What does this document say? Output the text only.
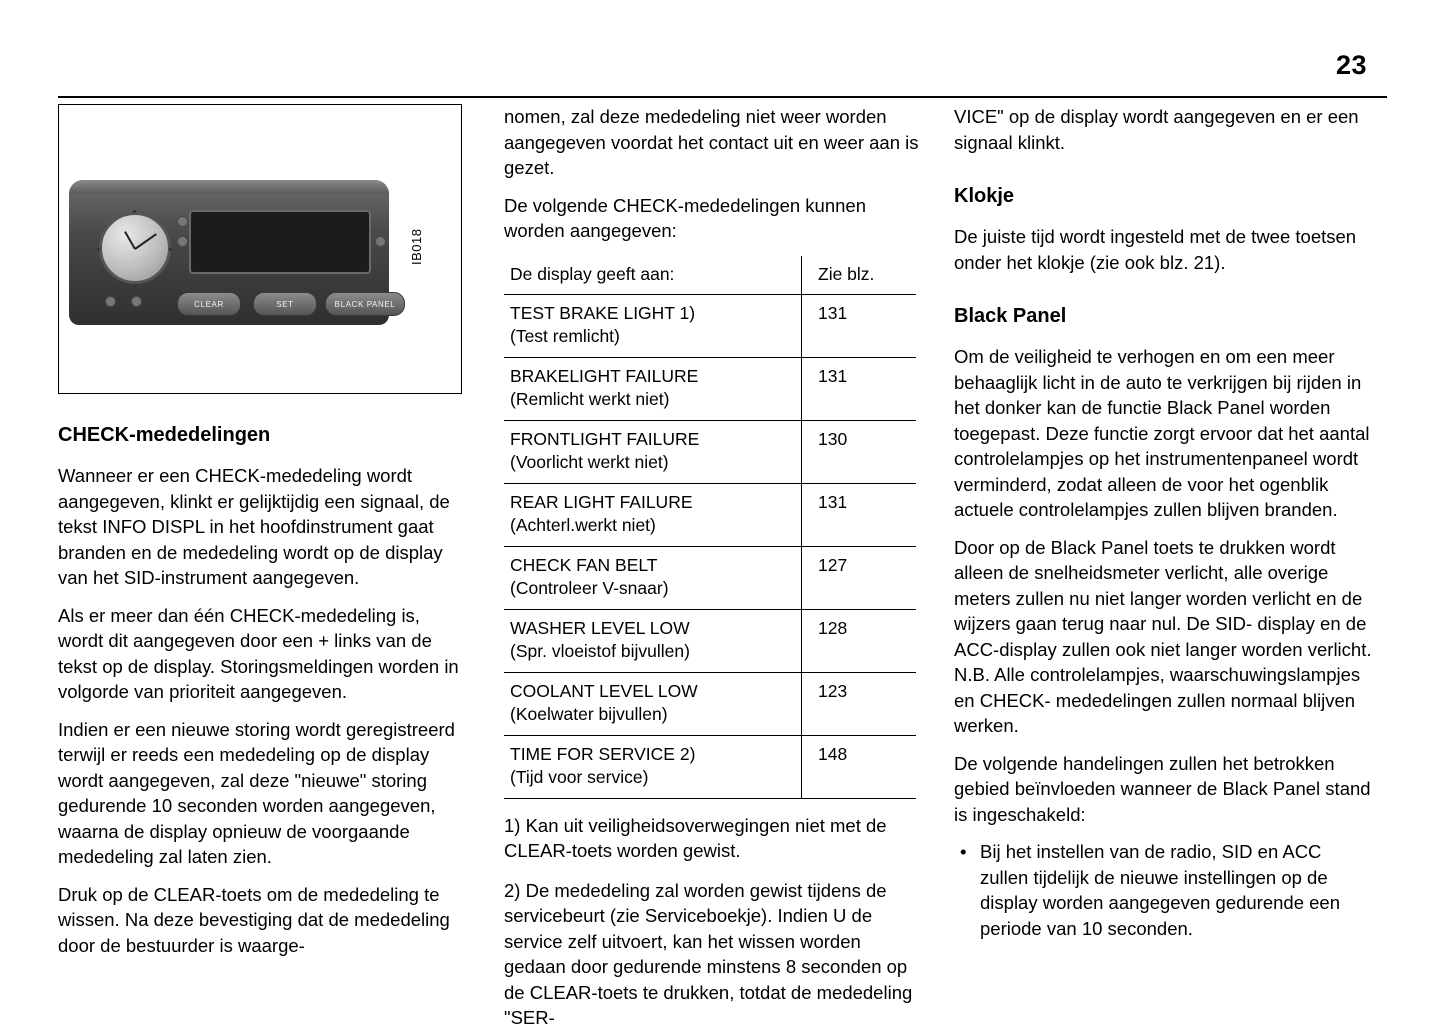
23
CLEAR	SET	BLACK PANEL
IB018
CHECK-mededelingen

Wanneer er een CHECK-mededeling wordt aangegeven, klinkt er gelijktijdig een signaal, de tekst INFO DISPL in het hoofdinstrument gaat branden en de mededeling wordt op de display van het SID-instrument aangegeven.

Als er meer dan één CHECK-mededeling is, wordt dit aangegeven door een + links van de tekst op de display. Storingsmeldingen worden in volgorde van prioriteit aangegeven.

Indien er een nieuwe storing wordt geregistreerd terwijl er reeds een mededeling op de display wordt aangegeven, zal deze "nieuwe" storing gedurende 10 seconden worden aangegeven, waarna de display opnieuw de voorgaande mededeling zal laten zien.

Druk op de CLEAR-toets om de mededeling te wissen. Na deze bevestiging dat de mededeling door de bestuurder is waarge-

nomen, zal deze mededeling niet weer worden aangegeven voordat het contact uit en weer aan is gezet.

De volgende CHECK-mededelingen kunnen worden aangegeven:

De display geeft aan:	Zie blz.
TEST BRAKE LIGHT 1)
(Test remlicht)	131
BRAKELIGHT FAILURE
(Remlicht werkt niet)	131
FRONTLIGHT FAILURE
(Voorlicht werkt niet)	130
REAR LIGHT FAILURE
(Achterl.werkt niet)	131
CHECK FAN BELT
(Controleer V-snaar)	127
WASHER LEVEL LOW
(Spr. vloeistof bijvullen)	128
COOLANT LEVEL LOW
(Koelwater bijvullen)	123
TIME FOR SERVICE 2)
(Tijd voor service)	148

1) Kan uit veiligheidsoverwegingen niet met de CLEAR-toets worden gewist.

2) De mededeling zal worden gewist tijdens de servicebeurt (zie Serviceboekje). Indien U de service zelf uitvoert, kan het wissen worden gedaan door gedurende minstens 8 seconden op de CLEAR-toets te drukken, totdat de mededeling "SER-

VICE" op de display wordt aangegeven en er een signaal klinkt.

Klokje

De juiste tijd wordt ingesteld met de twee toetsen onder het klokje (zie ook blz. 21).

Black Panel

Om de veiligheid te verhogen en om een meer behaaglijk licht in de auto te verkrijgen bij rijden in het donker kan de functie Black Panel worden toegepast. Deze functie zorgt ervoor dat het aantal controlelampjes op het instrumentenpaneel wordt verminderd, zodat alleen de voor het ogenblik actuele controlelampjes zullen blijven branden.

Door op de Black Panel toets te drukken wordt alleen de snelheidsmeter verlicht, alle overige meters zullen nu niet langer worden verlicht en de wijzers gaan terug naar nul. De SID- display en de ACC-display zullen ook niet langer worden verlicht. N.B. Alle controlelampjes, waarschuwingslampjes en CHECK- mededelingen zullen normaal blijven werken.

De volgende handelingen zullen het betrokken gebied beïnvloeden wanneer de Black Panel stand is ingeschakeld:

• Bij het instellen van de radio, SID en ACC zullen tijdelijk de nieuwe instellingen op de display worden aangegeven gedurende een periode van 10 seconden.
